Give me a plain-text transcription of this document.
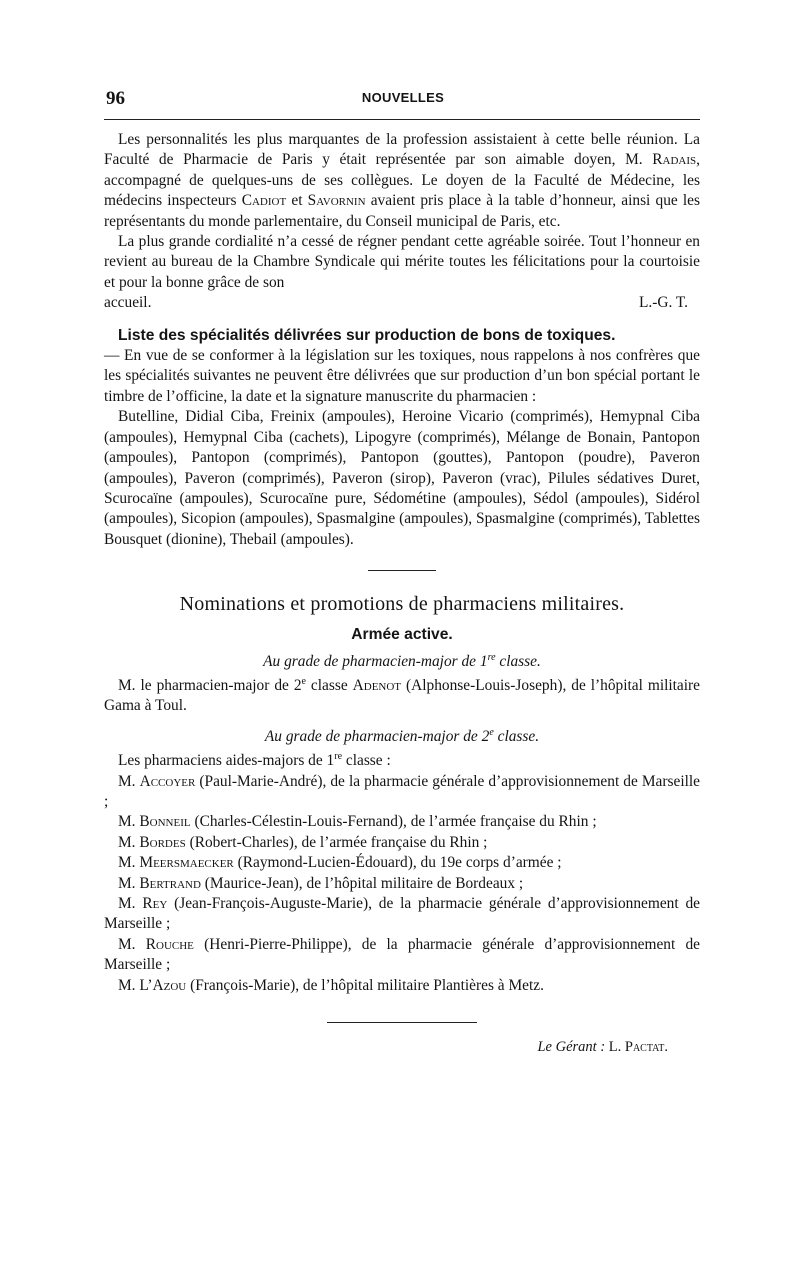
96	NOUVELLES

Les personnalités les plus marquantes de la profession assistaient à cette belle réunion. La Faculté de Pharmacie de Paris y était représentée par son aimable doyen, M. Radais, accompagné de quelques-uns de ses collègues. Le doyen de la Faculté de Médecine, les médecins inspecteurs Cadiot et Savornin avaient pris place à la table d’honneur, ainsi que les représentants du monde parlementaire, du Conseil municipal de Paris, etc.

La plus grande cordialité n’a cessé de régner pendant cette agréable soirée. Tout l’honneur en revient au bureau de la Chambre Syndicale qui mérite toutes les félicitations pour la courtoisie et pour la bonne grâce de son

accueil.	L.-G. T.

Liste des spécialités délivrées sur production de bons de toxiques.

— En vue de se conformer à la législation sur les toxiques, nous rappelons à nos confrères que les spécialités suivantes ne peuvent être délivrées que sur production d’un bon spécial portant le timbre de l’officine, la date et la signature manuscrite du pharmacien :

Butelline, Didial Ciba, Freinix (ampoules), Heroine Vicario (comprimés), Hemypnal Ciba (ampoules), Hemypnal Ciba (cachets), Lipogyre (comprimés), Mélange de Bonain, Pantopon (ampoules), Pantopon (comprimés), Pantopon (gouttes), Pantopon (poudre), Paveron (ampoules), Paveron (comprimés), Paveron (sirop), Paveron (vrac), Pilules sédatives Duret, Scurocaïne (ampoules), Scurocaïne pure, Sédométine (ampoules), Sédol (ampoules), Sidérol (ampoules), Sicopion (ampoules), Spasmalgine (ampoules), Spasmalgine (comprimés), Tablettes Bousquet (dionine), Thebail (ampoules).

Nominations et promotions de pharmaciens militaires.

Armée active.

Au grade de pharmacien-major de 1re classe.

M. le pharmacien-major de 2e classe Adenot (Alphonse-Louis-Joseph), de l’hôpital militaire Gama à Toul.

Au grade de pharmacien-major de 2e classe.

Les pharmaciens aides-majors de 1re classe :

M. Accoyer (Paul-Marie-André), de la pharmacie générale d’approvisionnement de Marseille ;

M. Bonneil (Charles-Célestin-Louis-Fernand), de l’armée française du Rhin ;

M. Bordes (Robert-Charles), de l’armée française du Rhin ;

M. Meersmaecker (Raymond-Lucien-Édouard), du 19e corps d’armée ;

M. Bertrand (Maurice-Jean), de l’hôpital militaire de Bordeaux ;

M. Rey (Jean-François-Auguste-Marie), de la pharmacie générale d’approvisionnement de Marseille ;

M. Rouche (Henri-Pierre-Philippe), de la pharmacie générale d’approvisionnement de Marseille ;

M. L’Azou (François-Marie), de l’hôpital militaire Plantières à Metz.

Le Gérant : L. Pactat.
